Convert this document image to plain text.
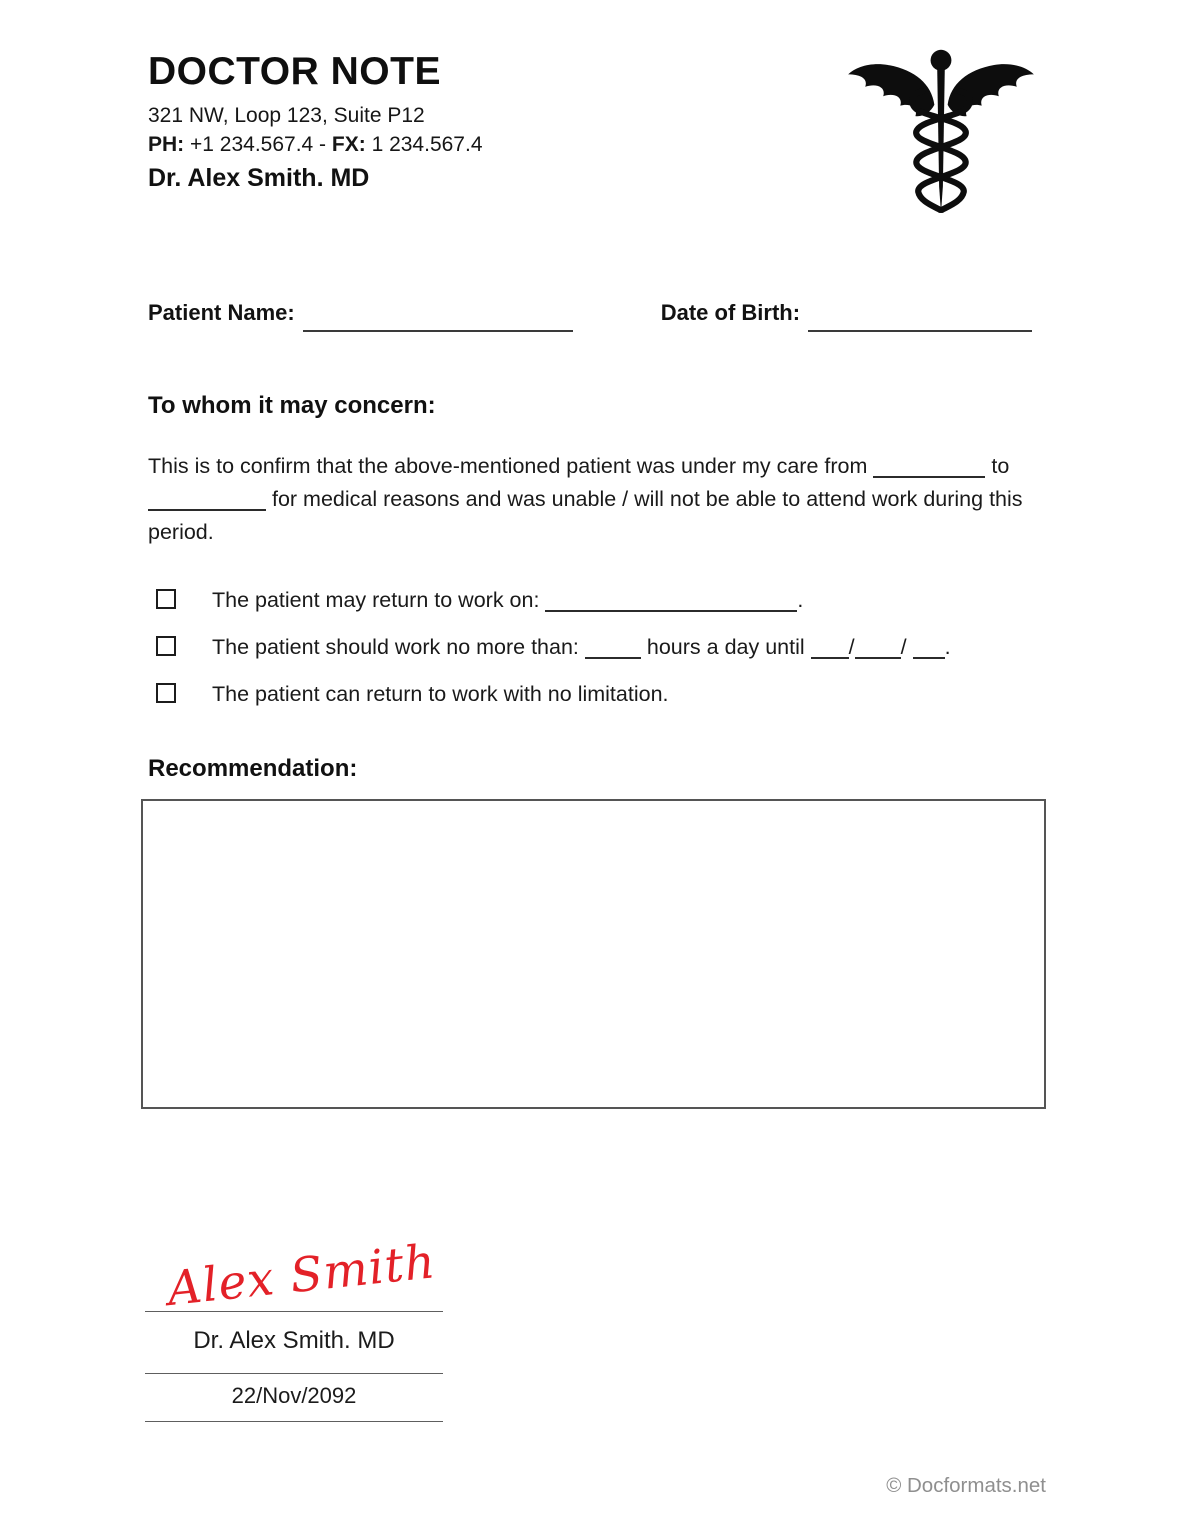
DOCTOR NOTE
321 NW, Loop 123, Suite P12
PH: +1 234.567.4 - FX: 1 234.567.4
Dr. Alex Smith. MD
Patient Name:	Date of Birth:
To whom it may concern:
This is to confirm that the above-mentioned patient was under my care from	to
for medical reasons and was unable / will not be able to attend work during this
period.
The patient may return to work on:	.
The patient should work no more than:	hours a day until / / .
The patient can return to work with no limitation.
Recommendation:
Alex Smith
Dr. Alex Smith. MD
22/Nov/2092
© Docformats.net
